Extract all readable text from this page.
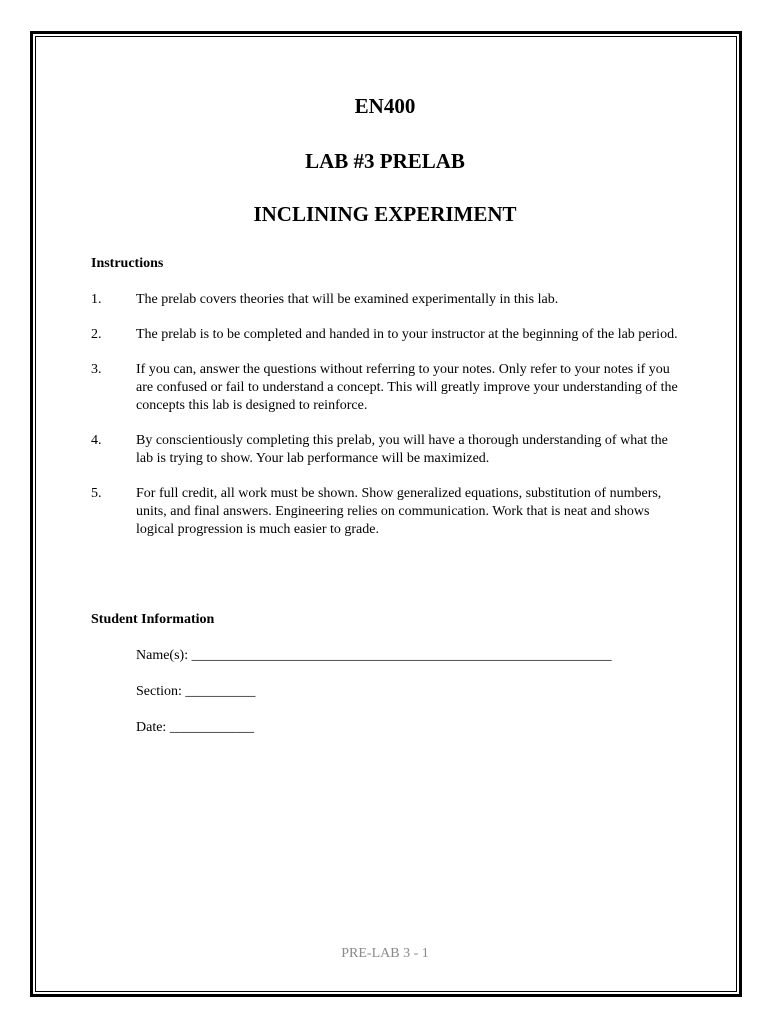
EN400
LAB #3 PRELAB
INCLINING EXPERIMENT
Instructions
1. The prelab covers theories that will be examined experimentally in this lab.
2. The prelab is to be completed and handed in to your instructor at the beginning of the lab period.
3. If you can, answer the questions without referring to your notes. Only refer to your notes if you are confused or fail to understand a concept. This will greatly improve your understanding of the concepts this lab is designed to reinforce.
4. By conscientiously completing this prelab, you will have a thorough understanding of what the lab is trying to show. Your lab performance will be maximized.
5. For full credit, all work must be shown. Show generalized equations, substitution of numbers, units, and final answers. Engineering relies on communication. Work that is neat and shows logical progression is much easier to grade.
Student Information

Name(s): ____________________________________________________________

Section: __________

Date: ____________

PRE-LAB 3 - 1
